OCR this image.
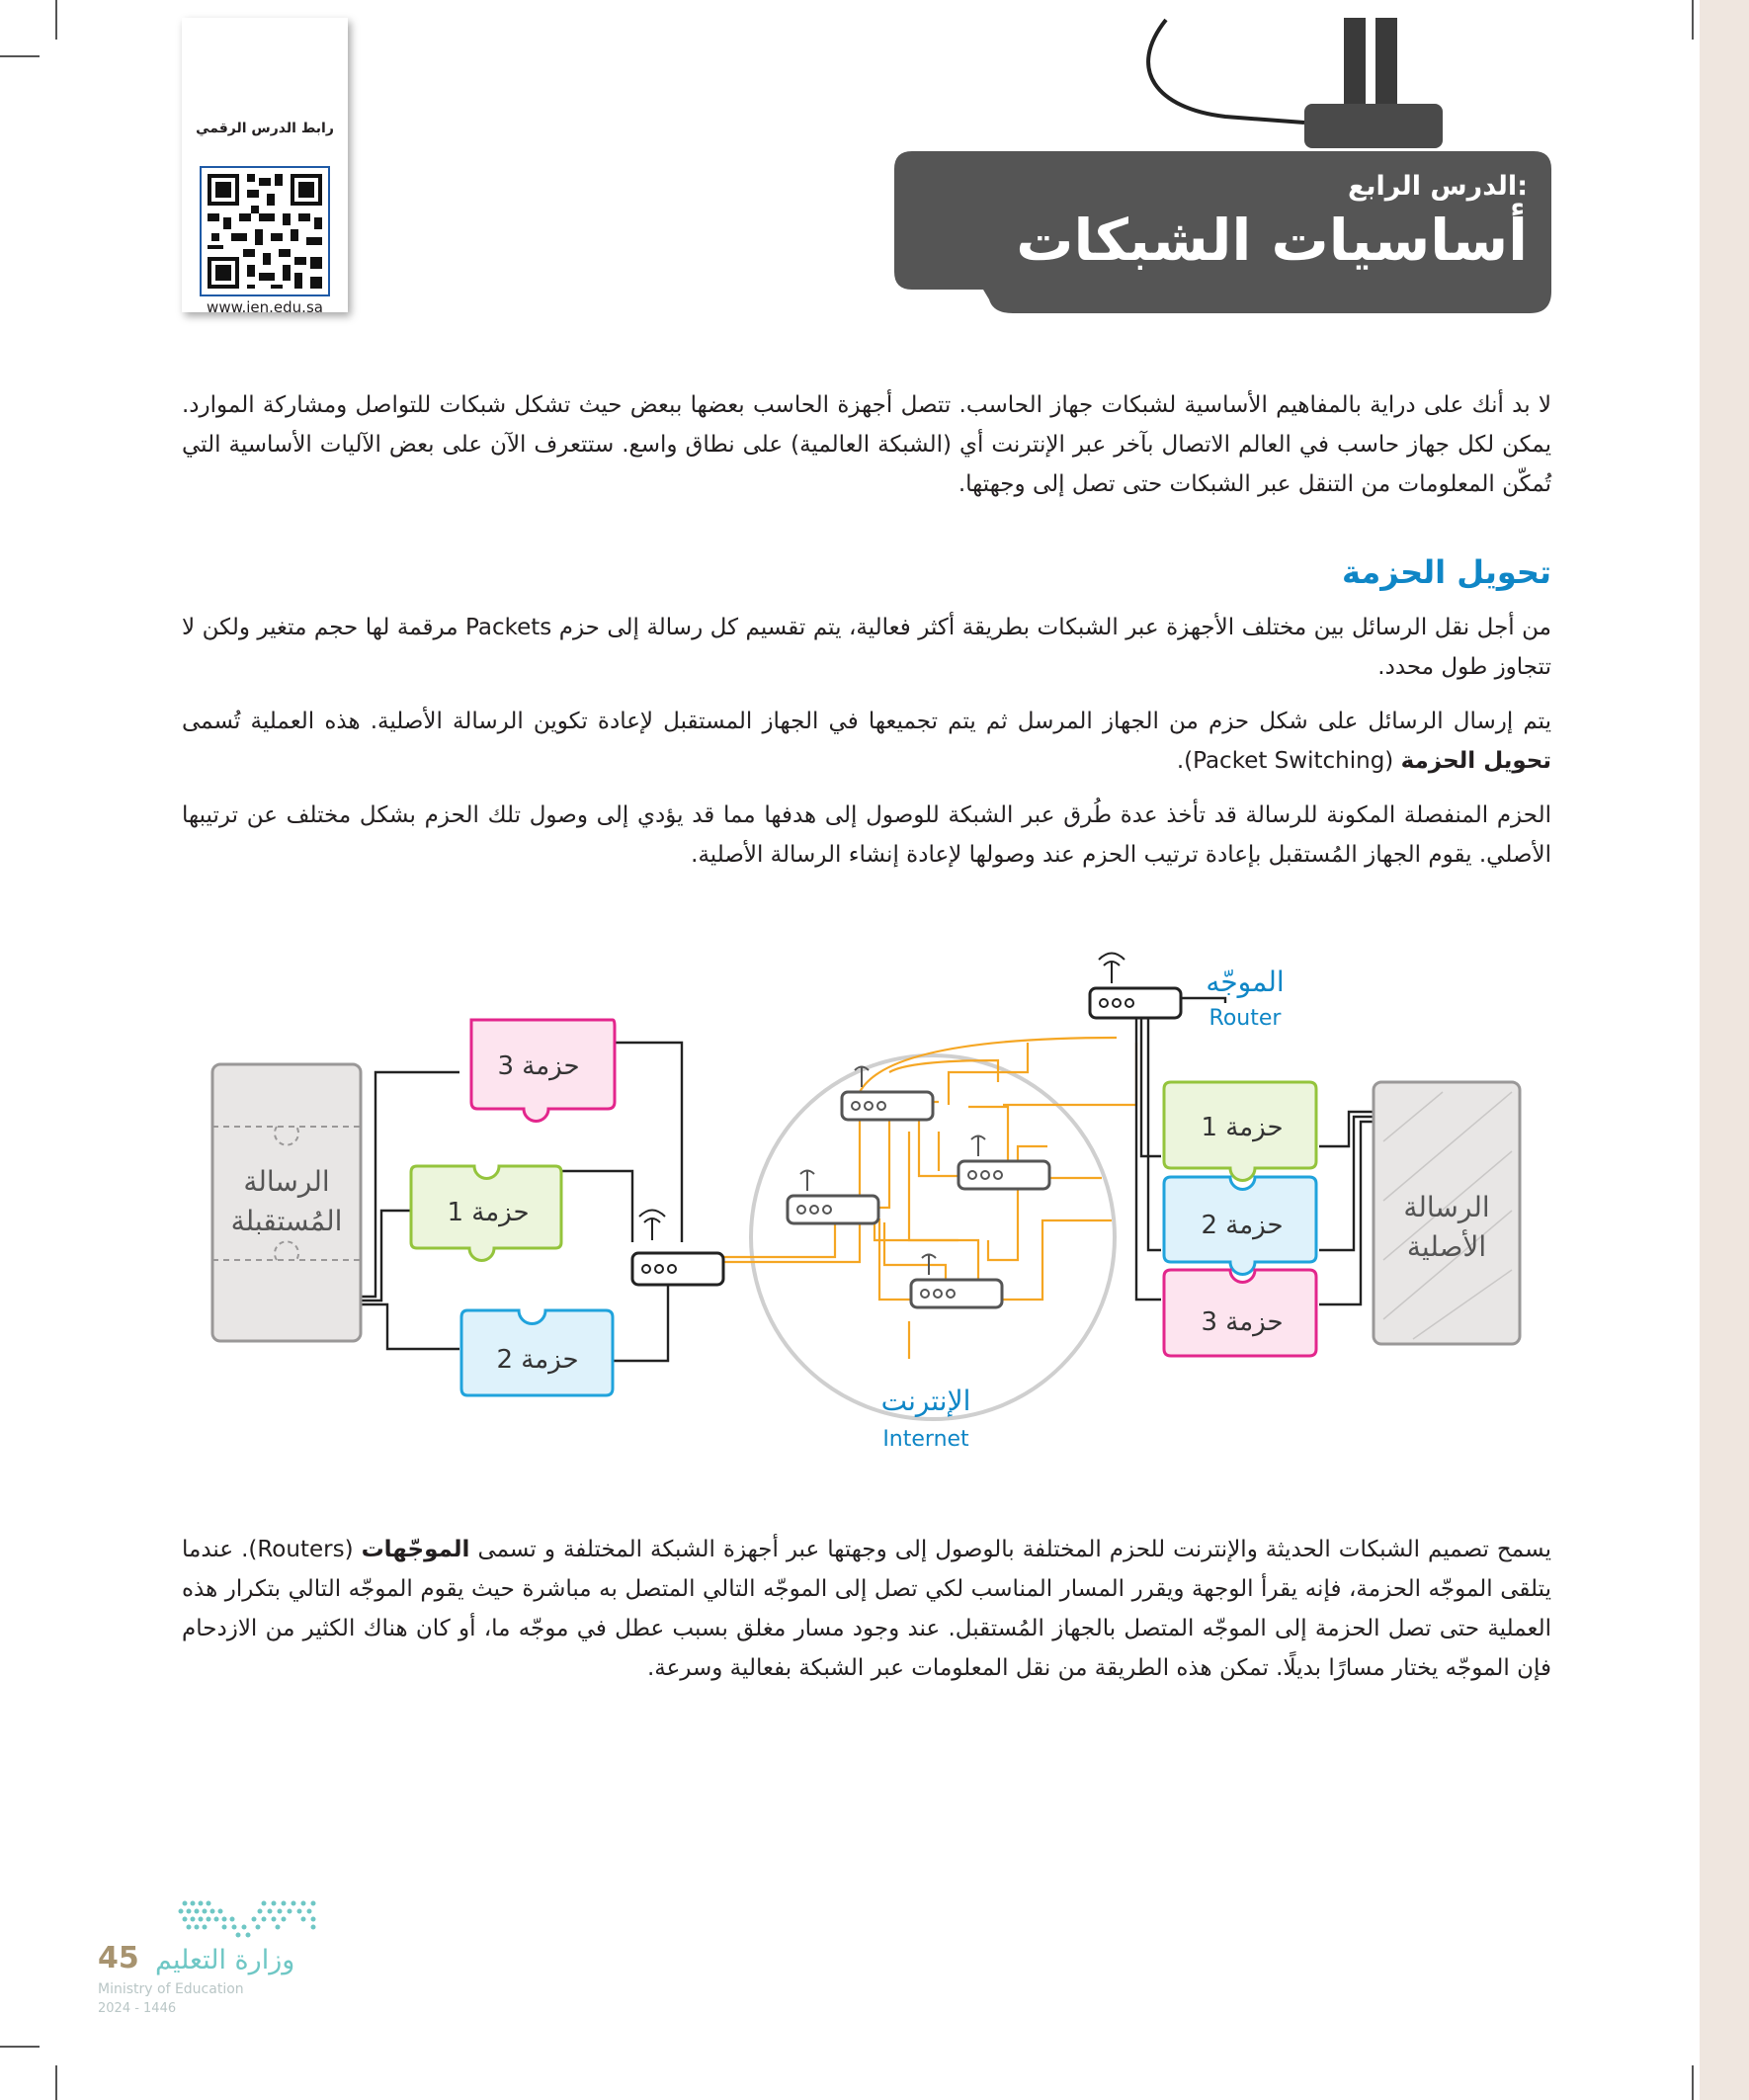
رابط الدرس الرقمي
www.ien.edu.sa
الدرس الرابع:
أساسيات الشبكات
لا بد أنك على دراية بالمفاهيم الأساسية لشبكات جهاز الحاسب. تتصل أجهزة الحاسب بعضها ببعض حيث تشكل شبكات للتواصل ومشاركة الموارد. يمكن لكل جهاز حاسب في العالم الاتصال بآخر عبر الإنترنت أي (الشبكة العالمية) على نطاق واسع. ستتعرف الآن على بعض الآليات الأساسية التي تُمكّن المعلومات من التنقل عبر الشبكات حتى تصل إلى وجهتها.
تحويل الحزمة
من أجل نقل الرسائل بين مختلف الأجهزة عبر الشبكات بطريقة أكثر فعالية، يتم تقسيم كل رسالة إلى حزم Packets مرقمة لها حجم متغير ولكن لا تتجاوز طول محدد.
يتم إرسال الرسائل على شكل حزم من الجهاز المرسل ثم يتم تجميعها في الجهاز المستقبل لإعادة تكوين الرسالة الأصلية. هذه العملية تُسمى تحويل الحزمة (Packet Switching).
الحزم المنفصلة المكونة للرسالة قد تأخذ عدة طُرق عبر الشبكة للوصول إلى هدفها مما قد يؤدي إلى وصول تلك الحزم بشكل مختلف عن ترتيبها الأصلي. يقوم الجهاز المُستقبل بإعادة ترتيب الحزم عند وصولها لإعادة إنشاء الرسالة الأصلية.
الرسالة
المُستقبلة	الرسالة
الأصلية
حزمة 3
حزمة 1
حزمة 2
حزمة 1
حزمة 2
حزمة 3
الموجّه
Router
الإنترنت
Internet
يسمح تصميم الشبكات الحديثة والإنترنت للحزم المختلفة بالوصول إلى وجهتها عبر أجهزة الشبكة المختلفة و تسمى الموجّهات (Routers). عندما يتلقى الموجّه الحزمة، فإنه يقرأ الوجهة ويقرر المسار المناسب لكي تصل إلى الموجّه التالي المتصل به مباشرة حيث يقوم الموجّه التالي بتكرار هذه العملية حتى تصل الحزمة إلى الموجّه المتصل بالجهاز المُستقبل. عند وجود مسار مغلق بسبب عطل في موجّه ما، أو كان هناك الكثير من الازدحام فإن الموجّه يختار مسارًا بديلًا. تمكن هذه الطريقة من نقل المعلومات عبر الشبكة بفعالية وسرعة.
45 وزارة التعليم
Ministry of Education
2024 - 1446
